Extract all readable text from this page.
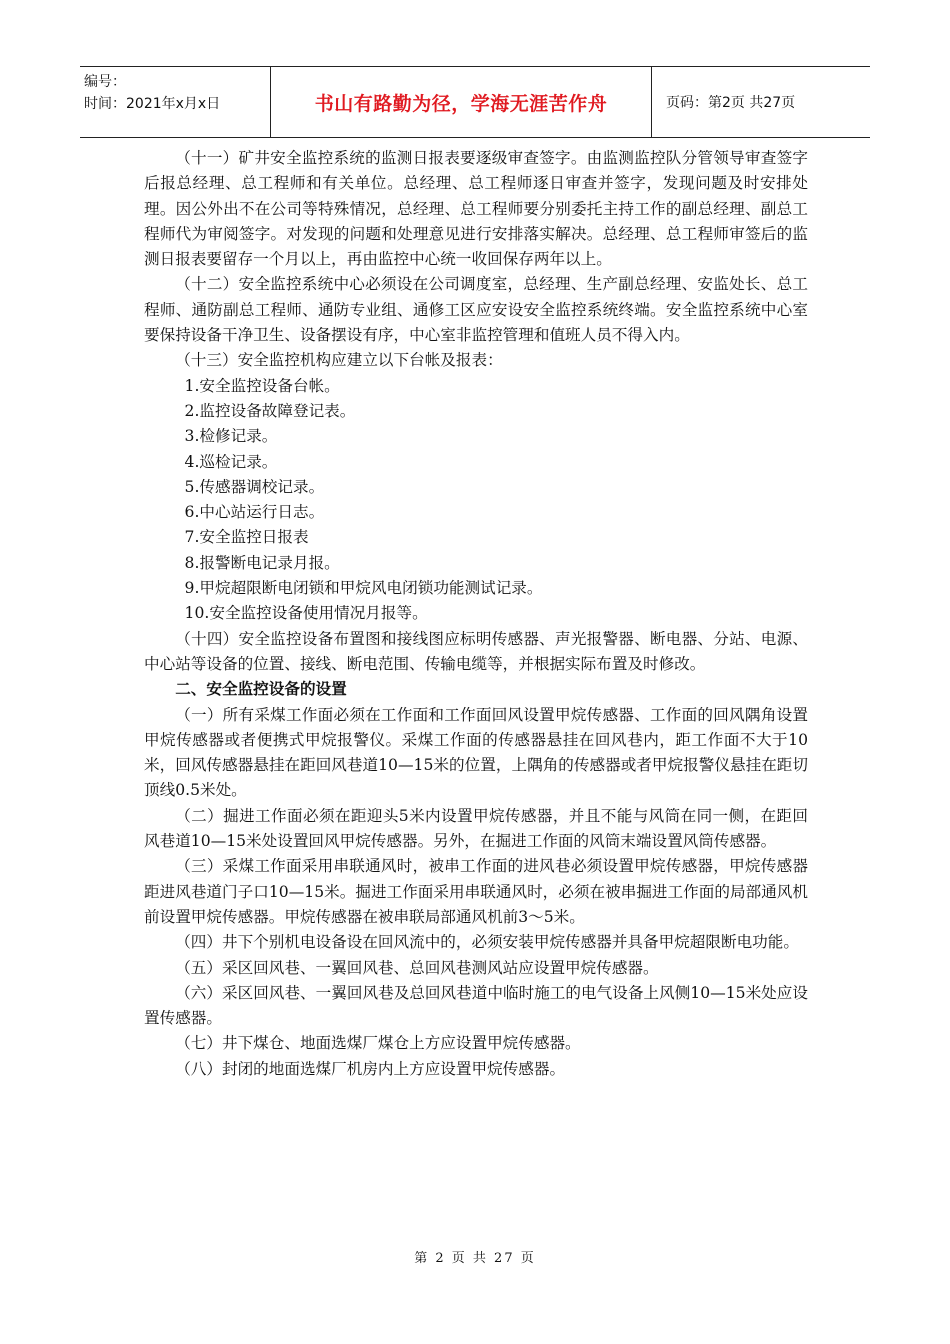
编号：
时间：2021年x月x日	书山有路勤为径，学海无涯苦作舟	页码：第2页 共27页

（十一）矿井安全监控系统的监测日报表要逐级审查签字。由监测监控队分管领导审查签字后报总经理、总工程师和有关单位。总经理、总工程师逐日审查并签字，发现问题及时安排处理。因公外出不在公司等特殊情况，总经理、总工程师要分别委托主持工作的副总经理、副总工程师代为审阅签字。对发现的问题和处理意见进行安排落实解决。总经理、总工程师审签后的监测日报表要留存一个月以上，再由监控中心统一收回保存两年以上。

（十二）安全监控系统中心必须设在公司调度室，总经理、生产副总经理、安监处长、总工程师、通防副总工程师、通防专业组、通修工区应安设安全监控系统终端。安全监控系统中心室要保持设备干净卫生、设备摆设有序，中心室非监控管理和值班人员不得入内。

（十三）安全监控机构应建立以下台帐及报表：

1.安全监控设备台帐。

2.监控设备故障登记表。

3.检修记录。

4.巡检记录。

5.传感器调校记录。

6.中心站运行日志。

7.安全监控日报表

8.报警断电记录月报。

9.甲烷超限断电闭锁和甲烷风电闭锁功能测试记录。

10.安全监控设备使用情况月报等。

（十四）安全监控设备布置图和接线图应标明传感器、声光报警器、断电器、分站、电源、中心站等设备的位置、接线、断电范围、传输电缆等，并根据实际布置及时修改。

二、安全监控设备的设置

（一）所有采煤工作面必须在工作面和工作面回风设置甲烷传感器、工作面的回风隅角设置甲烷传感器或者便携式甲烷报警仪。采煤工作面的传感器悬挂在回风巷内，距工作面不大于10米，回风传感器悬挂在距回风巷道10—15米的位置，上隅角的传感器或者甲烷报警仪悬挂在距切顶线0.5米处。

（二）掘进工作面必须在距迎头5米内设置甲烷传感器，并且不能与风筒在同一侧，在距回风巷道10—15米处设置回风甲烷传感器。另外，在掘进工作面的风筒末端设置风筒传感器。

（三）采煤工作面采用串联通风时，被串工作面的进风巷必须设置甲烷传感器，甲烷传感器距进风巷道门子口10—15米。掘进工作面采用串联通风时，必须在被串掘进工作面的局部通风机前设置甲烷传感器。甲烷传感器在被串联局部通风机前3～5米。

（四）井下个别机电设备设在回风流中的，必须安装甲烷传感器并具备甲烷超限断电功能。

（五）采区回风巷、一翼回风巷、总回风巷测风站应设置甲烷传感器。

（六）采区回风巷、一翼回风巷及总回风巷道中临时施工的电气设备上风侧10—15米处应设置传感器。

（七）井下煤仓、地面选煤厂煤仓上方应设置甲烷传感器。

（八）封闭的地面选煤厂机房内上方应设置甲烷传感器。

第 2 页 共 27 页
